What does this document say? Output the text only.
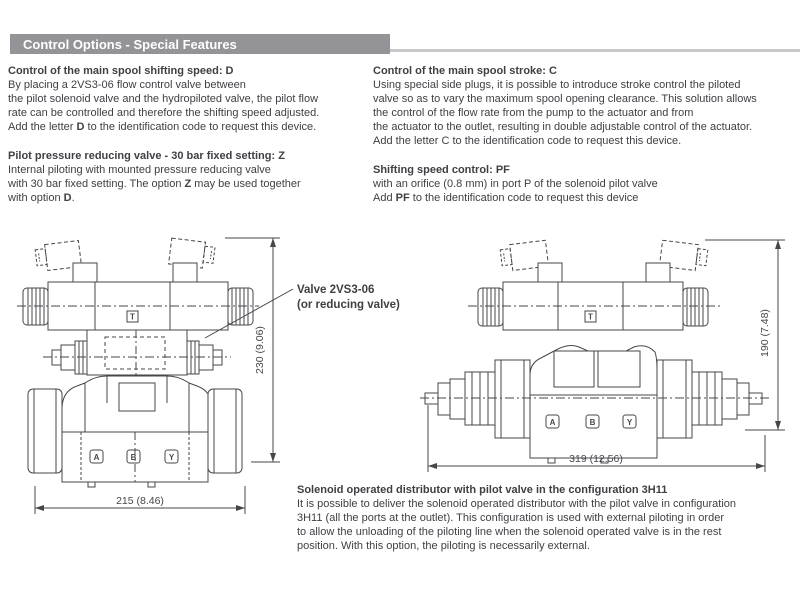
Control Options - Special Features
Control of the main spool shifting speed: D
By placing a 2VS3-06 flow control valve between
the pilot solenoid valve and the hydropiloted valve, the pilot flow
rate can be controlled and therefore the shifting speed adjusted.
Add the letter D to the identification code to request this device.
Pilot pressure reducing valve - 30 bar fixed setting: Z
Internal piloting with mounted pressure reducing valve
with 30 bar fixed setting. The option Z may be used together
with option D.
Control of the main spool stroke: C
Using special side plugs, it is possible to introduce stroke control the piloted
valve so as to vary the maximum spool opening clearance. This solution allows
the control of the flow rate from the pump to the actuator and from
the actuator to the outlet, resulting in double adjustable control of the actuator.
Add the letter C to the identification code to request this device.
Shifting speed control: PF
with an orifice (0.8 mm) in port P of the solenoid pilot valve
Add PF to the identification code to request this device
T
A	B	Y
230 (9.06)
215 (8.46)
Valve 2VS3-06
(or reducing valve)
T
A	B	Y
190 (7.48)
319 (12.56)
Solenoid operated distributor with pilot valve in the configuration 3H11
It is possible to deliver the solenoid operated distributor with the pilot valve in configuration
3H11 (all the ports at the outlet). This configuration is used with external piloting in order
to allow the unloading of the piloting line when the solenoid operated valve is in the rest
position. With this option, the piloting is necessarily external.
